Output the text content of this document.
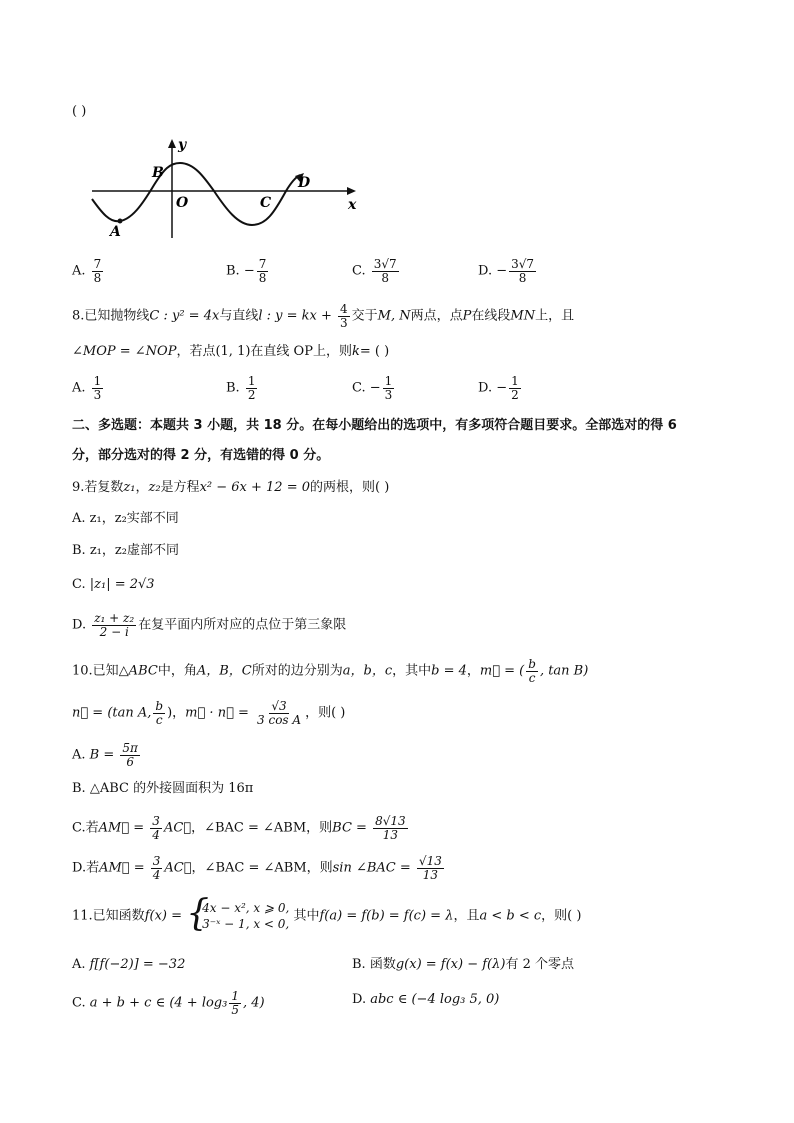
( )
A
B
O	C
D
y
x
A. $\frac{7}{8}$	B. − $\frac{7}{8}$	C. $\frac{3√7}{8}$	D. − $\frac{3√7}{8}$
8.已知抛物线C : y² = 4x与直线l : y = kx + $\frac{4}{3}$ 交于M, N两点，点P在线段MN上，且
∠MOP = ∠NOP，若点(1, 1)在直线 OP上，则k= ( )
A. $\frac{1}{3}$	B. $\frac{1}{2}$	C. − $\frac{1}{3}$	D. − $\frac{1}{2}$
二、多选题：本题共 3 小题，共 18 分。在每小题给出的选项中，有多项符合题目要求。全部选对的得 6
分，部分选对的得 2 分，有选错的得 0 分。
9.若复数z₁，z₂是方程x² − 6x + 12 = 0的两根，则( )
A. z₁，z₂实部不同
B. z₁，z₂虚部不同
C. |z₁| = 2√3
D. $\frac{\text{z₁ + z₂}}{2 - i}$ 在复平面内所对应的点位于第三象限
10.已知△ABC中，角A，B，C所对的边分别为a，b，c，其中b = 4，m⃗ = ( $\frac{b}{c}$ , tan B)
n⃗ = (tan A, $\frac{b}{c}$ )，m⃗ · n⃗ = $\frac{√3}{\text{3 cos A}}$ ，则( )
A. $B = \frac{5\pi}{6}$
B. △ABC 的外接圆面积为 16π
C.若AM⃗ = $\frac{3}{4}$ AC⃗，∠BAC = ∠ABM，则BC = $\frac{8√13}{13}$
D.若AM⃗ = $\frac{3}{4}$ AC⃗，∠BAC = ∠ABM，则sin ∠BAC = $\frac{√13}{13}$
11.已知函数f(x) = {
4x − x², x ⩾ 0,
3⁻ˣ − 1, x < 0,
其中f(a) = f(b) = f(c) = λ，且a < b < c，则( )
A. f[f(−2)] = −32	B. 函数g(x) = f(x) − f(λ)有 2 个零点
C. a + b + c ∈ ($4 + \log_3 \frac{1}{5}$ , 4)	D. abc ∈ (−4 log₃ 5, 0)
